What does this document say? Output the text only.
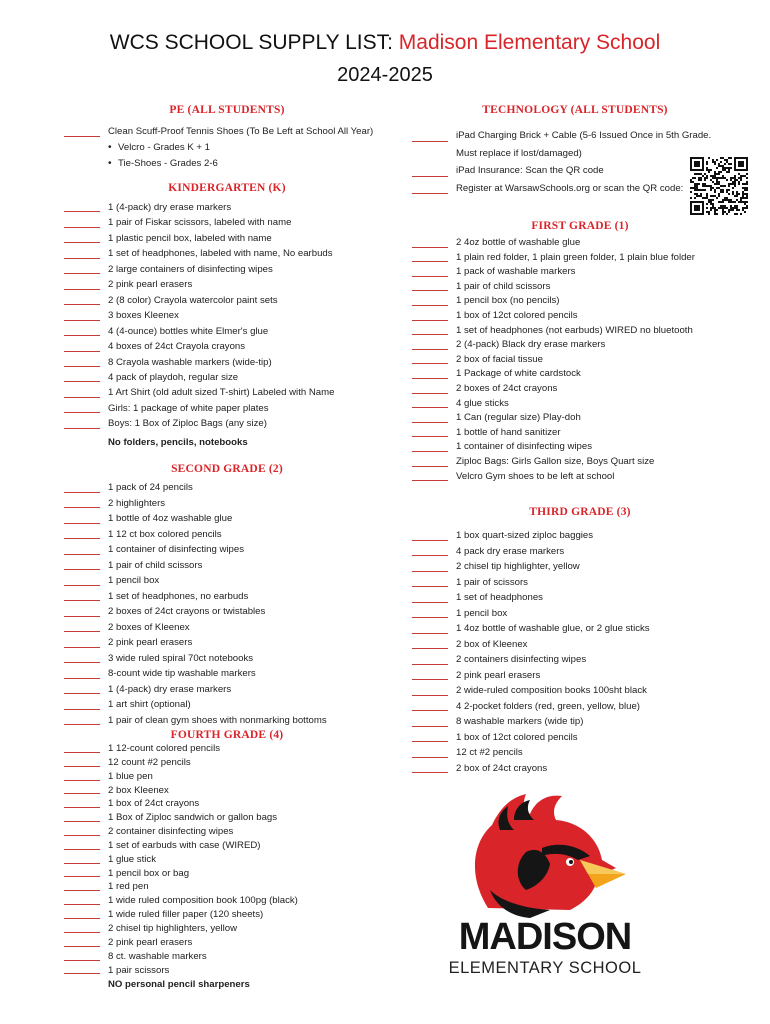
WCS SCHOOL SUPPLY LIST: Madison Elementary School
2024-2025
PE (ALL STUDENTS)
Clean Scuff-Proof Tennis Shoes (To Be Left at School All Year)
• Velcro - Grades K + 1
• Tie-Shoes - Grades 2-6
TECHNOLOGY (ALL STUDENTS)
iPad Charging Brick + Cable (5-6 Issued Once in 5th Grade.
Must replace if lost/damaged)
iPad Insurance: Scan the QR code
Register at WarsawSchools.org or scan the QR code:
KINDERGARTEN (K)
1 (4-pack) dry erase markers
1 pair of Fiskar scissors, labeled with name
1 plastic pencil box, labeled with name
1 set of headphones, labeled with name, No earbuds
2 large containers of disinfecting wipes
2 pink pearl erasers
2 (8 color) Crayola watercolor paint sets
3 boxes Kleenex
4 (4-ounce) bottles white Elmer's glue
4 boxes of 24ct Crayola crayons
8 Crayola washable markers (wide-tip)
4 pack of playdoh, regular size
1 Art Shirt (old adult sized T-shirt) Labeled with Name
Girls: 1 package of white paper plates
Boys: 1 Box of Ziploc Bags (any size)
No folders, pencils, notebooks
SECOND GRADE (2)
1 pack of 24 pencils
2 highlighters
1 bottle of 4oz washable glue
1 12 ct box colored pencils
1 container of disinfecting wipes
1 pair of child scissors
1 pencil box
1 set of headphones, no earbuds
2 boxes of 24ct crayons or twistables
2 boxes of Kleenex
2 pink pearl erasers
3 wide ruled spiral 70ct notebooks
8-count wide tip washable markers
1 (4-pack) dry erase markers
1 art shirt (optional)
1 pair of clean gym shoes with nonmarking bottoms
FOURTH GRADE (4)
1 12-count colored pencils
12 count #2 pencils
1 blue pen
2 box Kleenex
1 box of 24ct crayons
1 Box of Ziploc sandwich or gallon bags
2 container disinfecting wipes
1 set of earbuds with case (WIRED)
1 glue stick
1 pencil box or bag
1 red pen
1 wide ruled composition book 100pg (black)
1 wide ruled filler paper (120 sheets)
2 chisel tip highlighters, yellow
2 pink pearl erasers
8 ct. washable markers
1 pair scissors
NO personal pencil sharpeners
FIRST GRADE (1)
2 4oz bottle of washable glue
1 plain red folder, 1 plain green folder, 1 plain blue folder
1 pack of washable markers
1 pair of child scissors
1 pencil box (no pencils)
1 box of 12ct colored pencils
1 set of headphones (not earbuds) WIRED no bluetooth
2 (4-pack) Black dry erase markers
2 box of facial tissue
1 Package of white cardstock
2 boxes of 24ct crayons
4 glue sticks
1 Can (regular size) Play-doh
1 bottle of hand sanitizer
1 container of disinfecting wipes
Ziploc Bags: Girls Gallon size, Boys Quart size
Velcro Gym shoes to be left at school
THIRD GRADE (3)
1 box quart-sized ziploc baggies
4 pack dry erase markers
2 chisel tip highlighter, yellow
1 pair of scissors
1 set of headphones
1 pencil box
1 4oz bottle of washable glue, or 2 glue sticks
2 box of Kleenex
2 containers disinfecting wipes
2 pink pearl erasers
2 wide-ruled composition books 100sht black
4 2-pocket folders (red, green, yellow, blue)
8 washable markers (wide tip)
1 box of 12ct colored pencils
12 ct #2 pencils
2 box of 24ct crayons
MADISON
ELEMENTARY SCHOOL
